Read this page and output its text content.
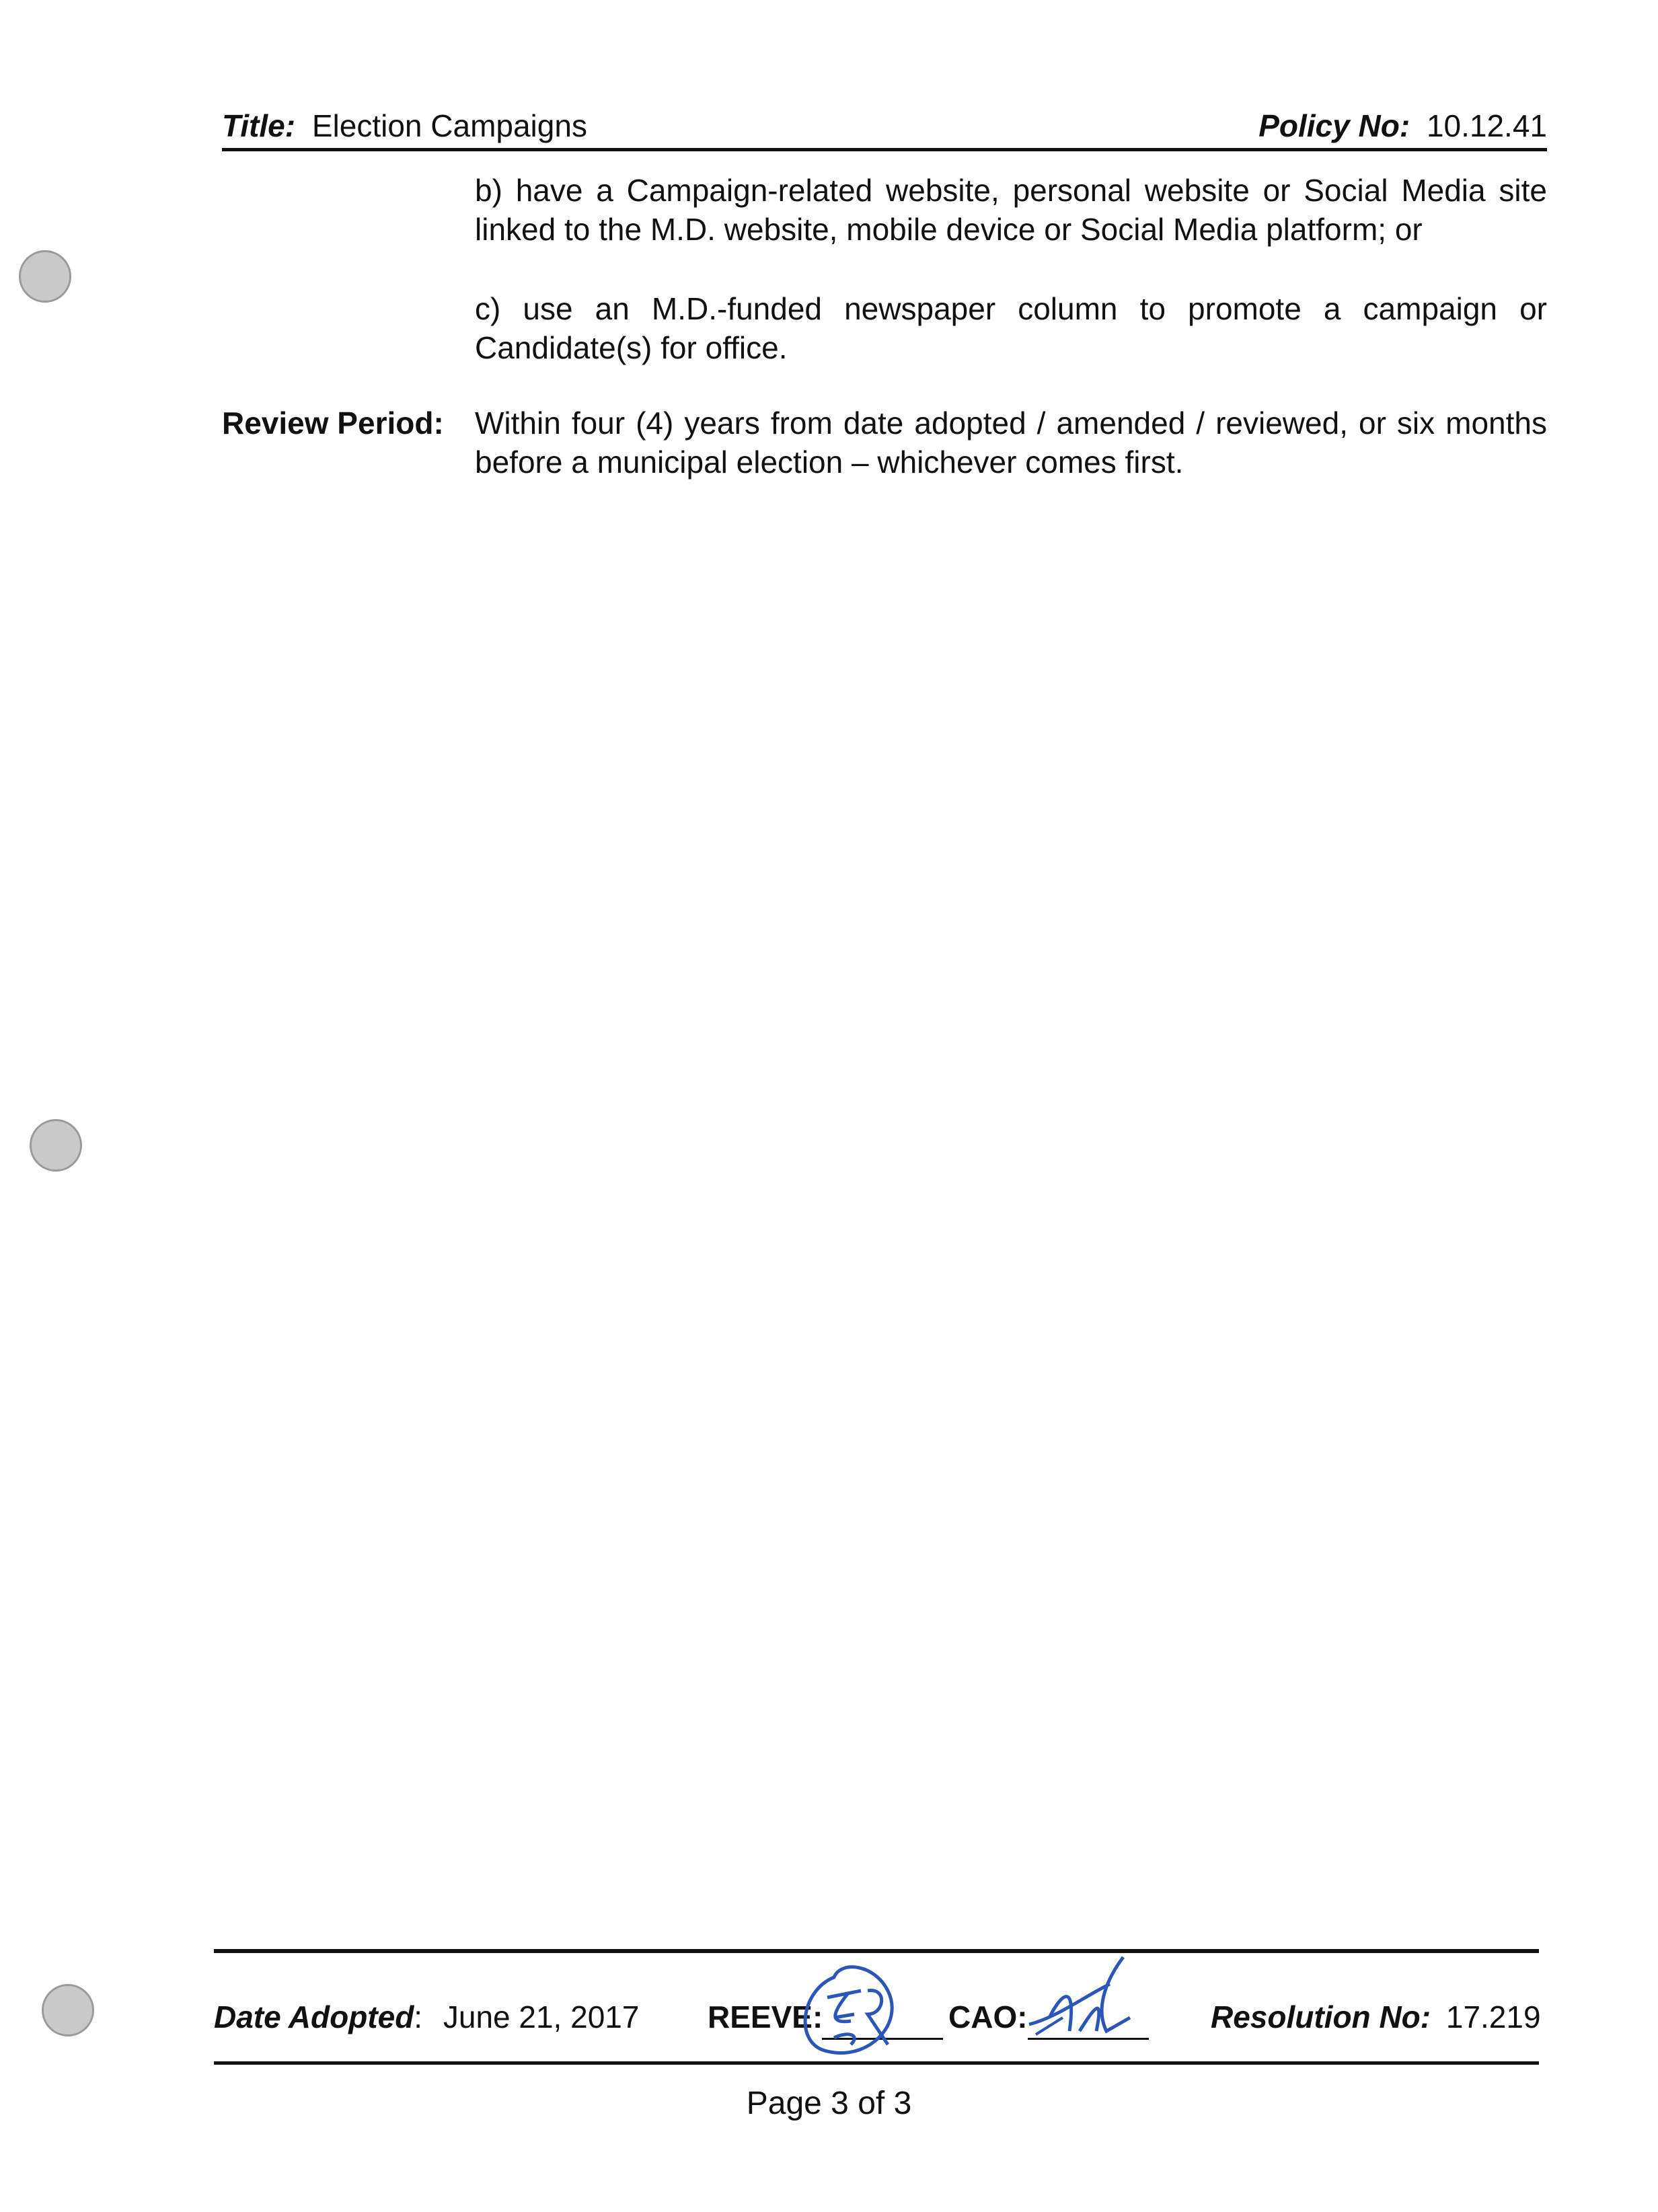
Title: Election Campaigns	Policy No: 10.12.41
b) have a Campaign-related website, personal website or Social Media site linked to the M.D. website, mobile device or Social Media platform; or
c) use an M.D.-funded newspaper column to promote a campaign or Candidate(s) for office.
Review Period: Within four (4) years from date adopted / amended / reviewed, or six months before a municipal election – whichever comes first.
Date Adopted: June 21, 2017 REEVE:	CAO:	Resolution No: 17.219
Page 3 of 3
